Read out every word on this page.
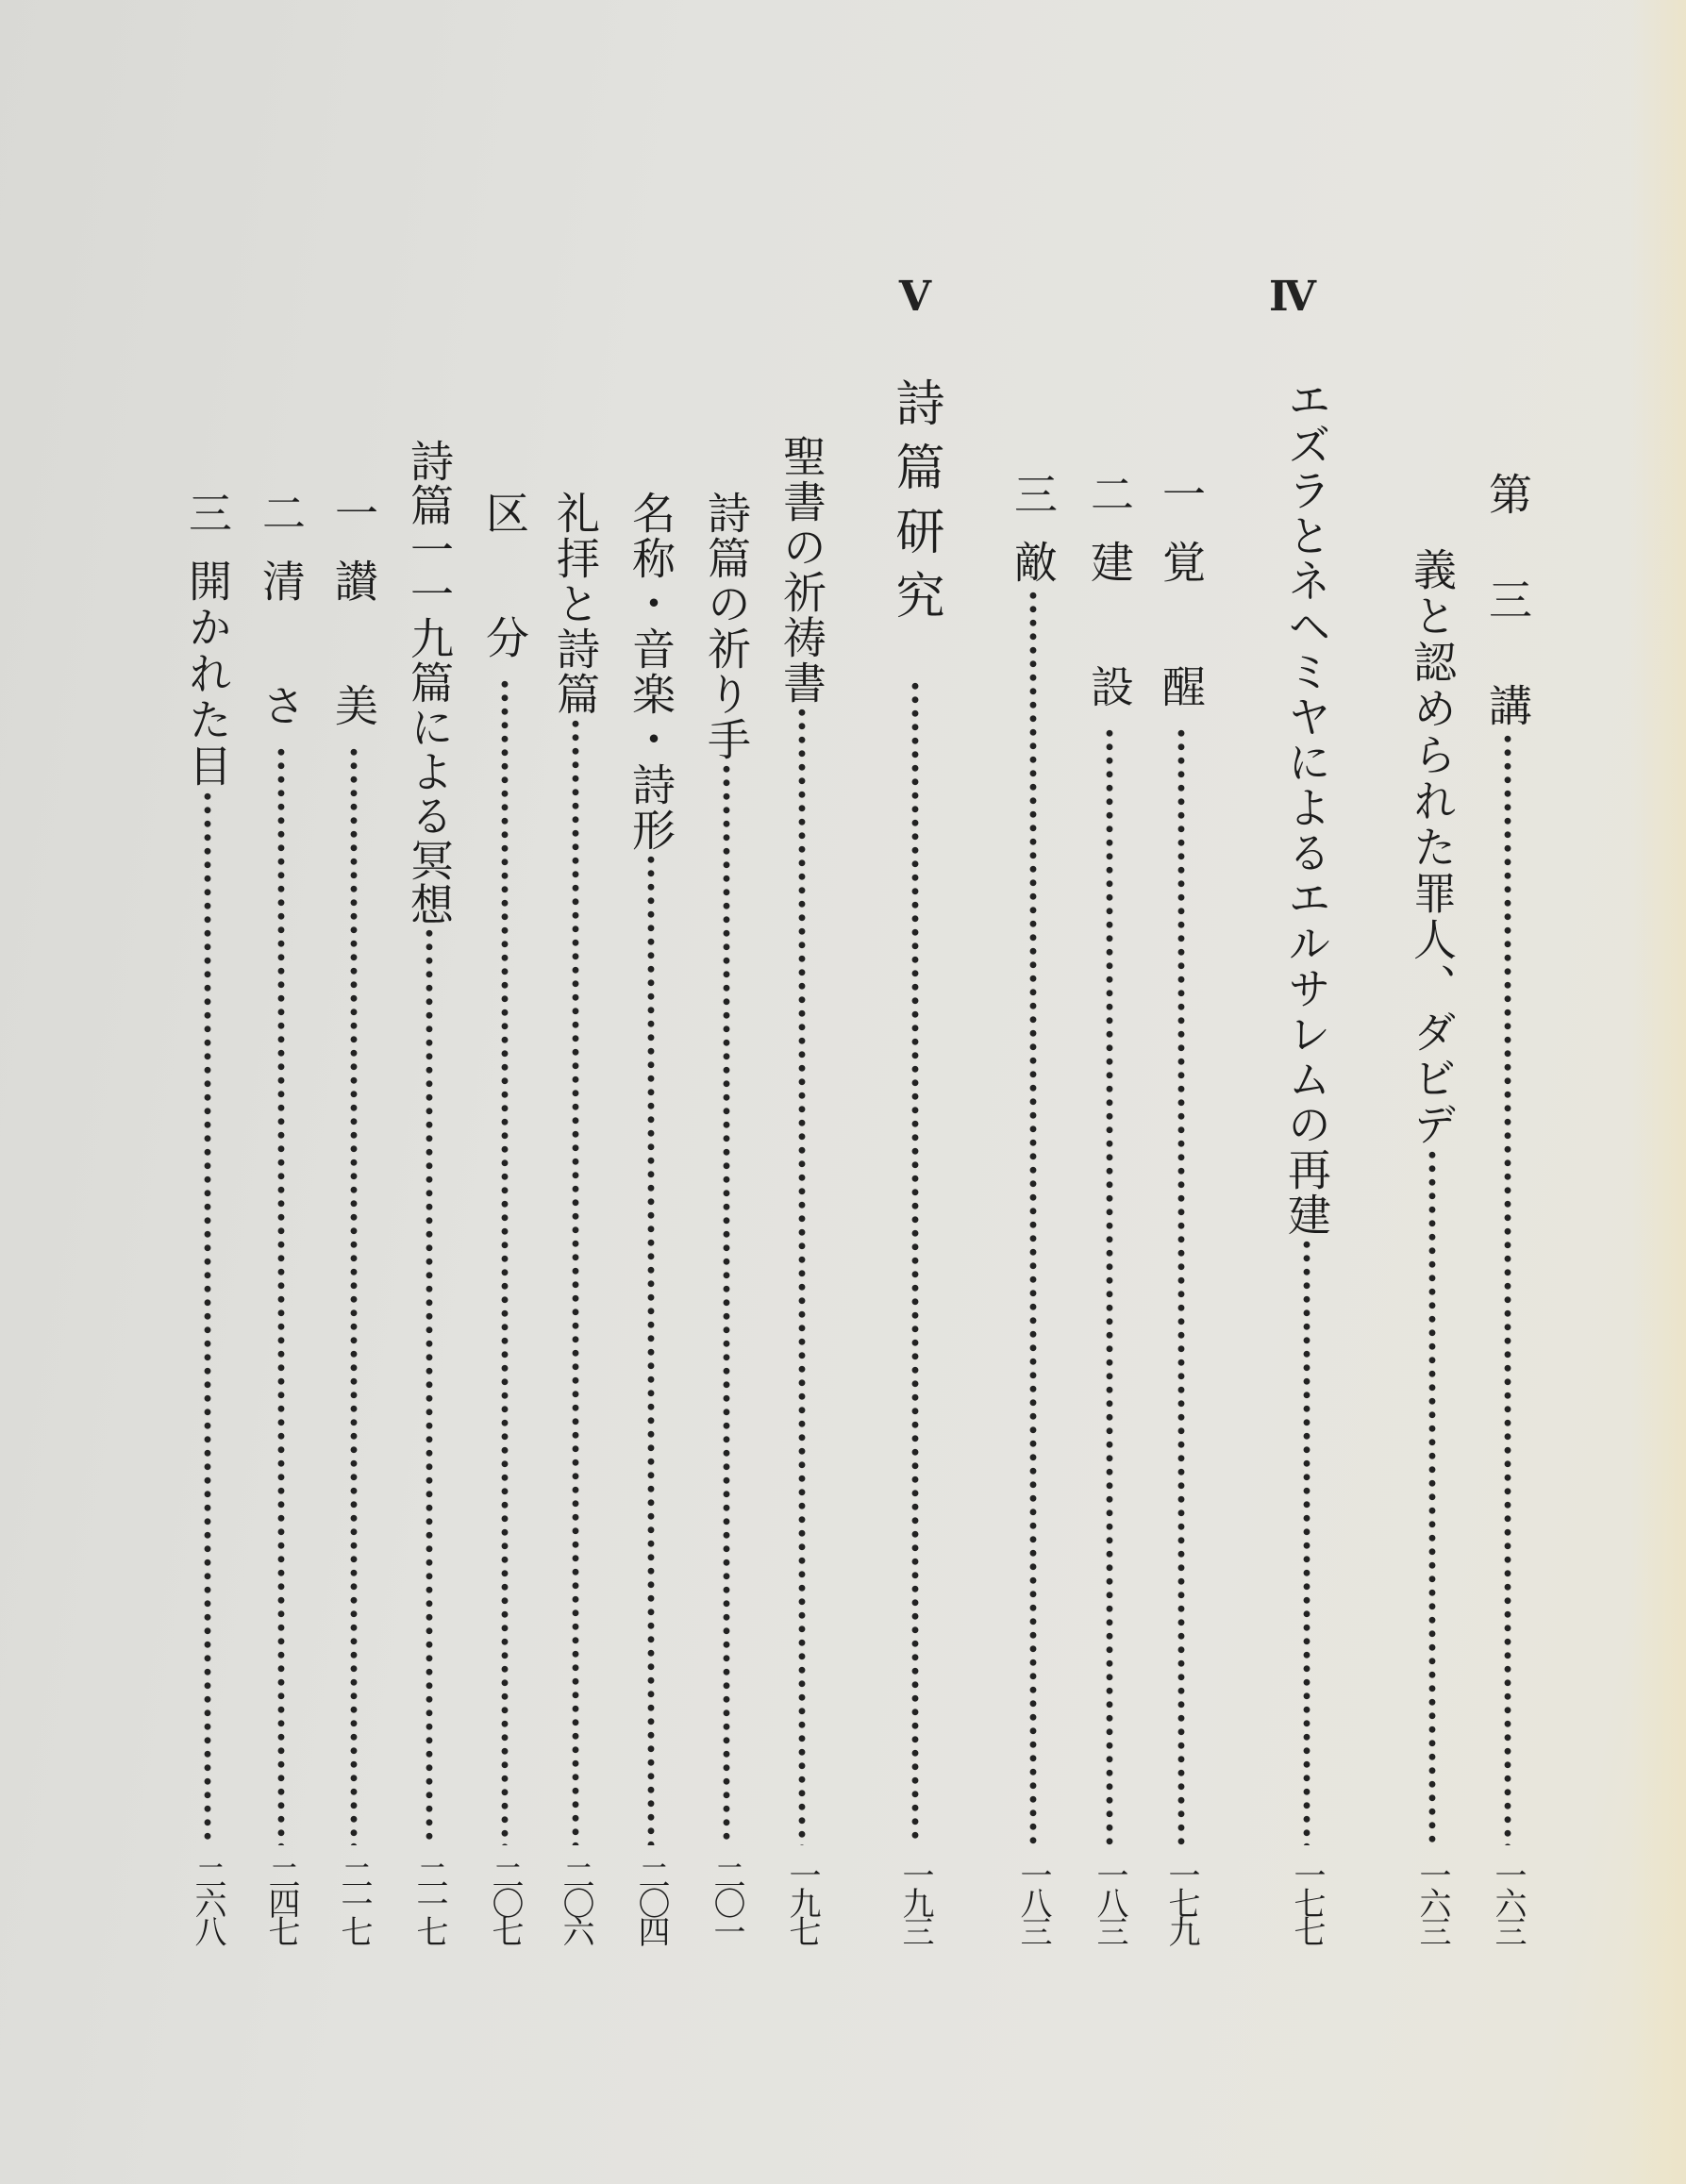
第 三 講
一六三
義と認められた罪人、ダビデ
一六三
Ⅳ
エズラとネヘミヤによるエルサレムの再建
一七七
一
覚　醒
一七九
二
建　設
一八三
三
敵
一八三
Ⅴ
詩篇研究
一九三
聖書の祈祷書
一九七
詩篇の祈り手
二〇一
名称・音楽・詩形
二〇四
礼拝と詩篇
二〇六
区　分
二〇七
詩篇一一九篇による冥想
二一七
一
讃　美
二一七
二
清　さ
二四七
三
開かれた目
二六八
